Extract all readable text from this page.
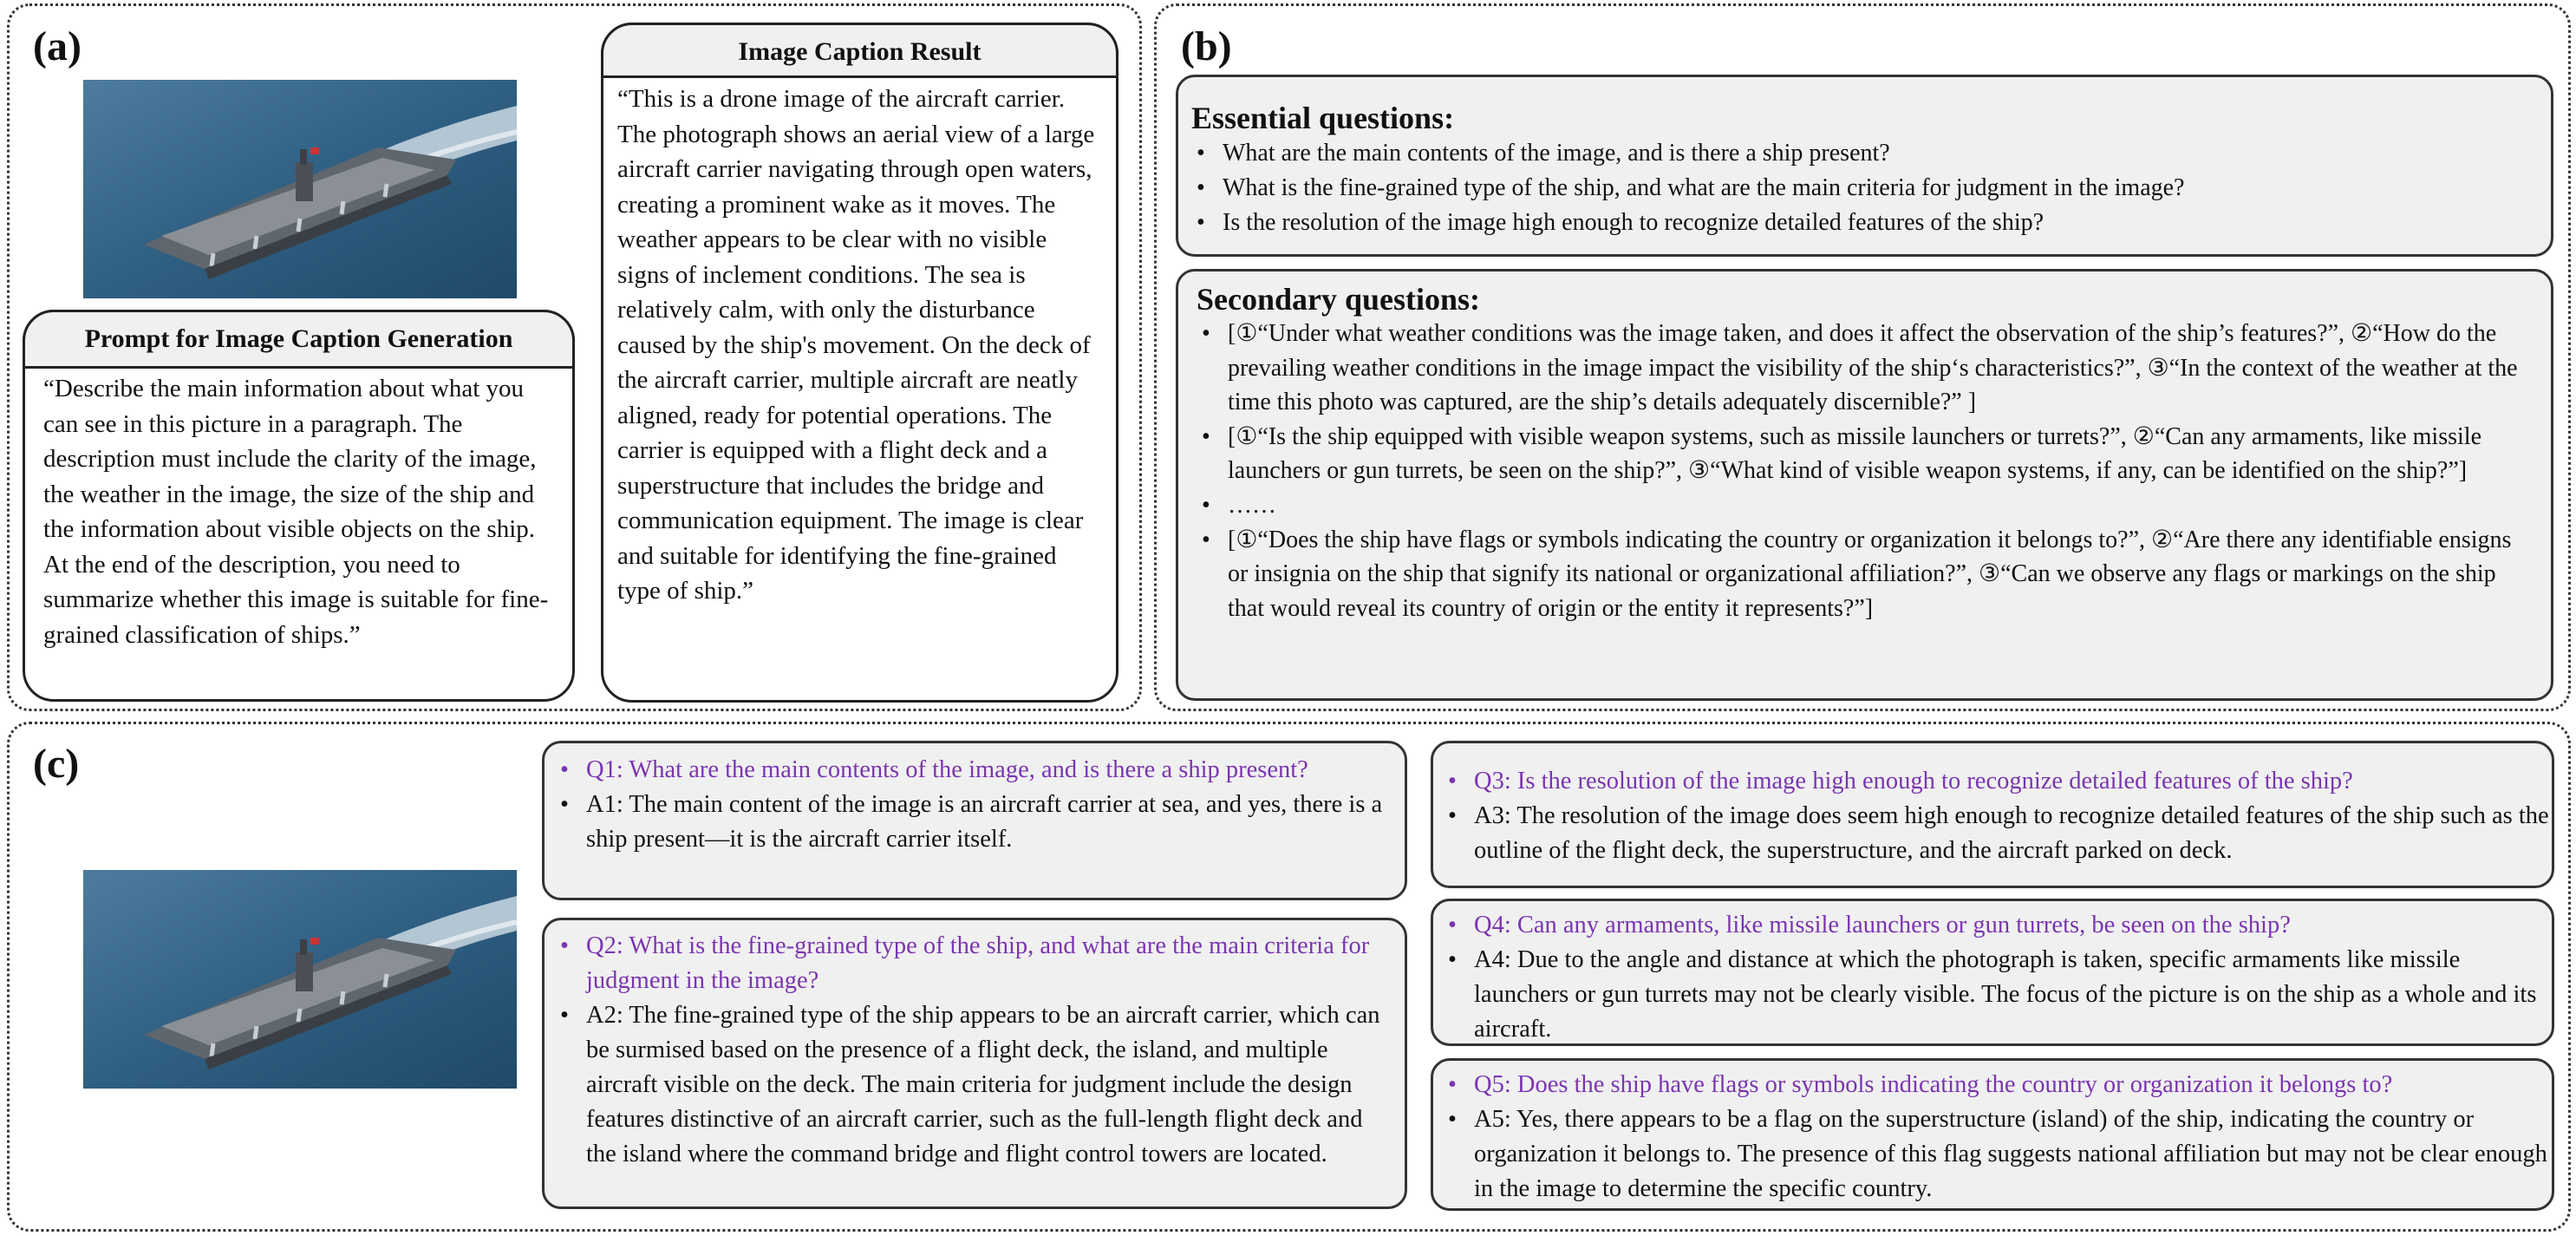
(a)
Prompt for Image Caption Generation
“Describe the main information about what you can see in this picture in a paragraph. The description must include the clarity of the image, the weather in the image, the size of the ship and the information about visible objects on the ship. At the end of the description, you need to summarize whether this image is suitable for fine-grained classification of ships.”
Image Caption Result
“This is a drone image of the aircraft carrier. The photograph shows an aerial view of a large aircraft carrier navigating through open waters, creating a prominent wake as it moves. The weather appears to be clear with no visible signs of inclement conditions. The sea is relatively calm, with only the disturbance caused by the ship's movement. On the deck of the aircraft carrier, multiple aircraft are neatly aligned, ready for potential operations. The carrier is equipped with a flight deck and a superstructure that includes the bridge and communication equipment. The image is clear and suitable for identifying the fine-grained type of ship.”
(b)
Essential questions:
• What are the main contents of the image, and is there a ship present?
• What is the fine-grained type of the ship, and what are the main criteria for judgment in the image?
• Is the resolution of the image high enough to recognize detailed features of the ship?
Secondary questions:
• [①“Under what weather conditions was the image taken, and does it affect the observation of the ship’s features?”, ②“How do the prevailing weather conditions in the image impact the visibility of the ship‘s characteristics?”, ③“In the context of the weather at the time this photo was captured, are the ship’s details adequately discernible?” ]
• [①“Is the ship equipped with visible weapon systems, such as missile launchers or turrets?”, ②“Can any armaments, like missile launchers or gun turrets, be seen on the ship?”, ③“What kind of visible weapon systems, if any, can be identified on the ship?”]
• ……
• [①“Does the ship have flags or symbols indicating the country or organization it belongs to?”, ②“Are there any identifiable ensigns or insignia on the ship that signify its national or organizational affiliation?”, ③“Can we observe any flags or markings on the ship that would reveal its country of origin or the entity it represents?”]
(c)
•	Q1: What are the main contents of the image, and is there a ship present?
• A1: The main content of the image is an aircraft carrier at sea, and yes, there is a ship present—it is the aircraft carrier itself.
• Q2: What is the fine-grained type of the ship, and what are the main criteria for judgment in the image?
• A2: The fine-grained type of the ship appears to be an aircraft carrier, which can be surmised based on the presence of a flight deck, the island, and multiple aircraft visible on the deck. The main criteria for judgment include the design features distinctive of an aircraft carrier, such as the full-length flight deck and the island where the command bridge and flight control towers are located.
• Q3: Is the resolution of the image high enough to recognize detailed features of the ship?
• A3: The resolution of the image does seem high enough to recognize detailed features of the ship such as the outline of the flight deck, the superstructure, and the aircraft parked on deck.
• Q4: Can any armaments, like missile launchers or gun turrets, be seen on the ship?
• A4: Due to the angle and distance at which the photograph is taken, specific armaments like missile launchers or gun turrets may not be clearly visible. The focus of the picture is on the ship as a whole and its aircraft.
• Q5: Does the ship have flags or symbols indicating the country or organization it belongs to?
• A5: Yes, there appears to be a flag on the superstructure (island) of the ship, indicating the country or organization it belongs to. The presence of this flag suggests national affiliation but may not be clear enough in the image to determine the specific country.
